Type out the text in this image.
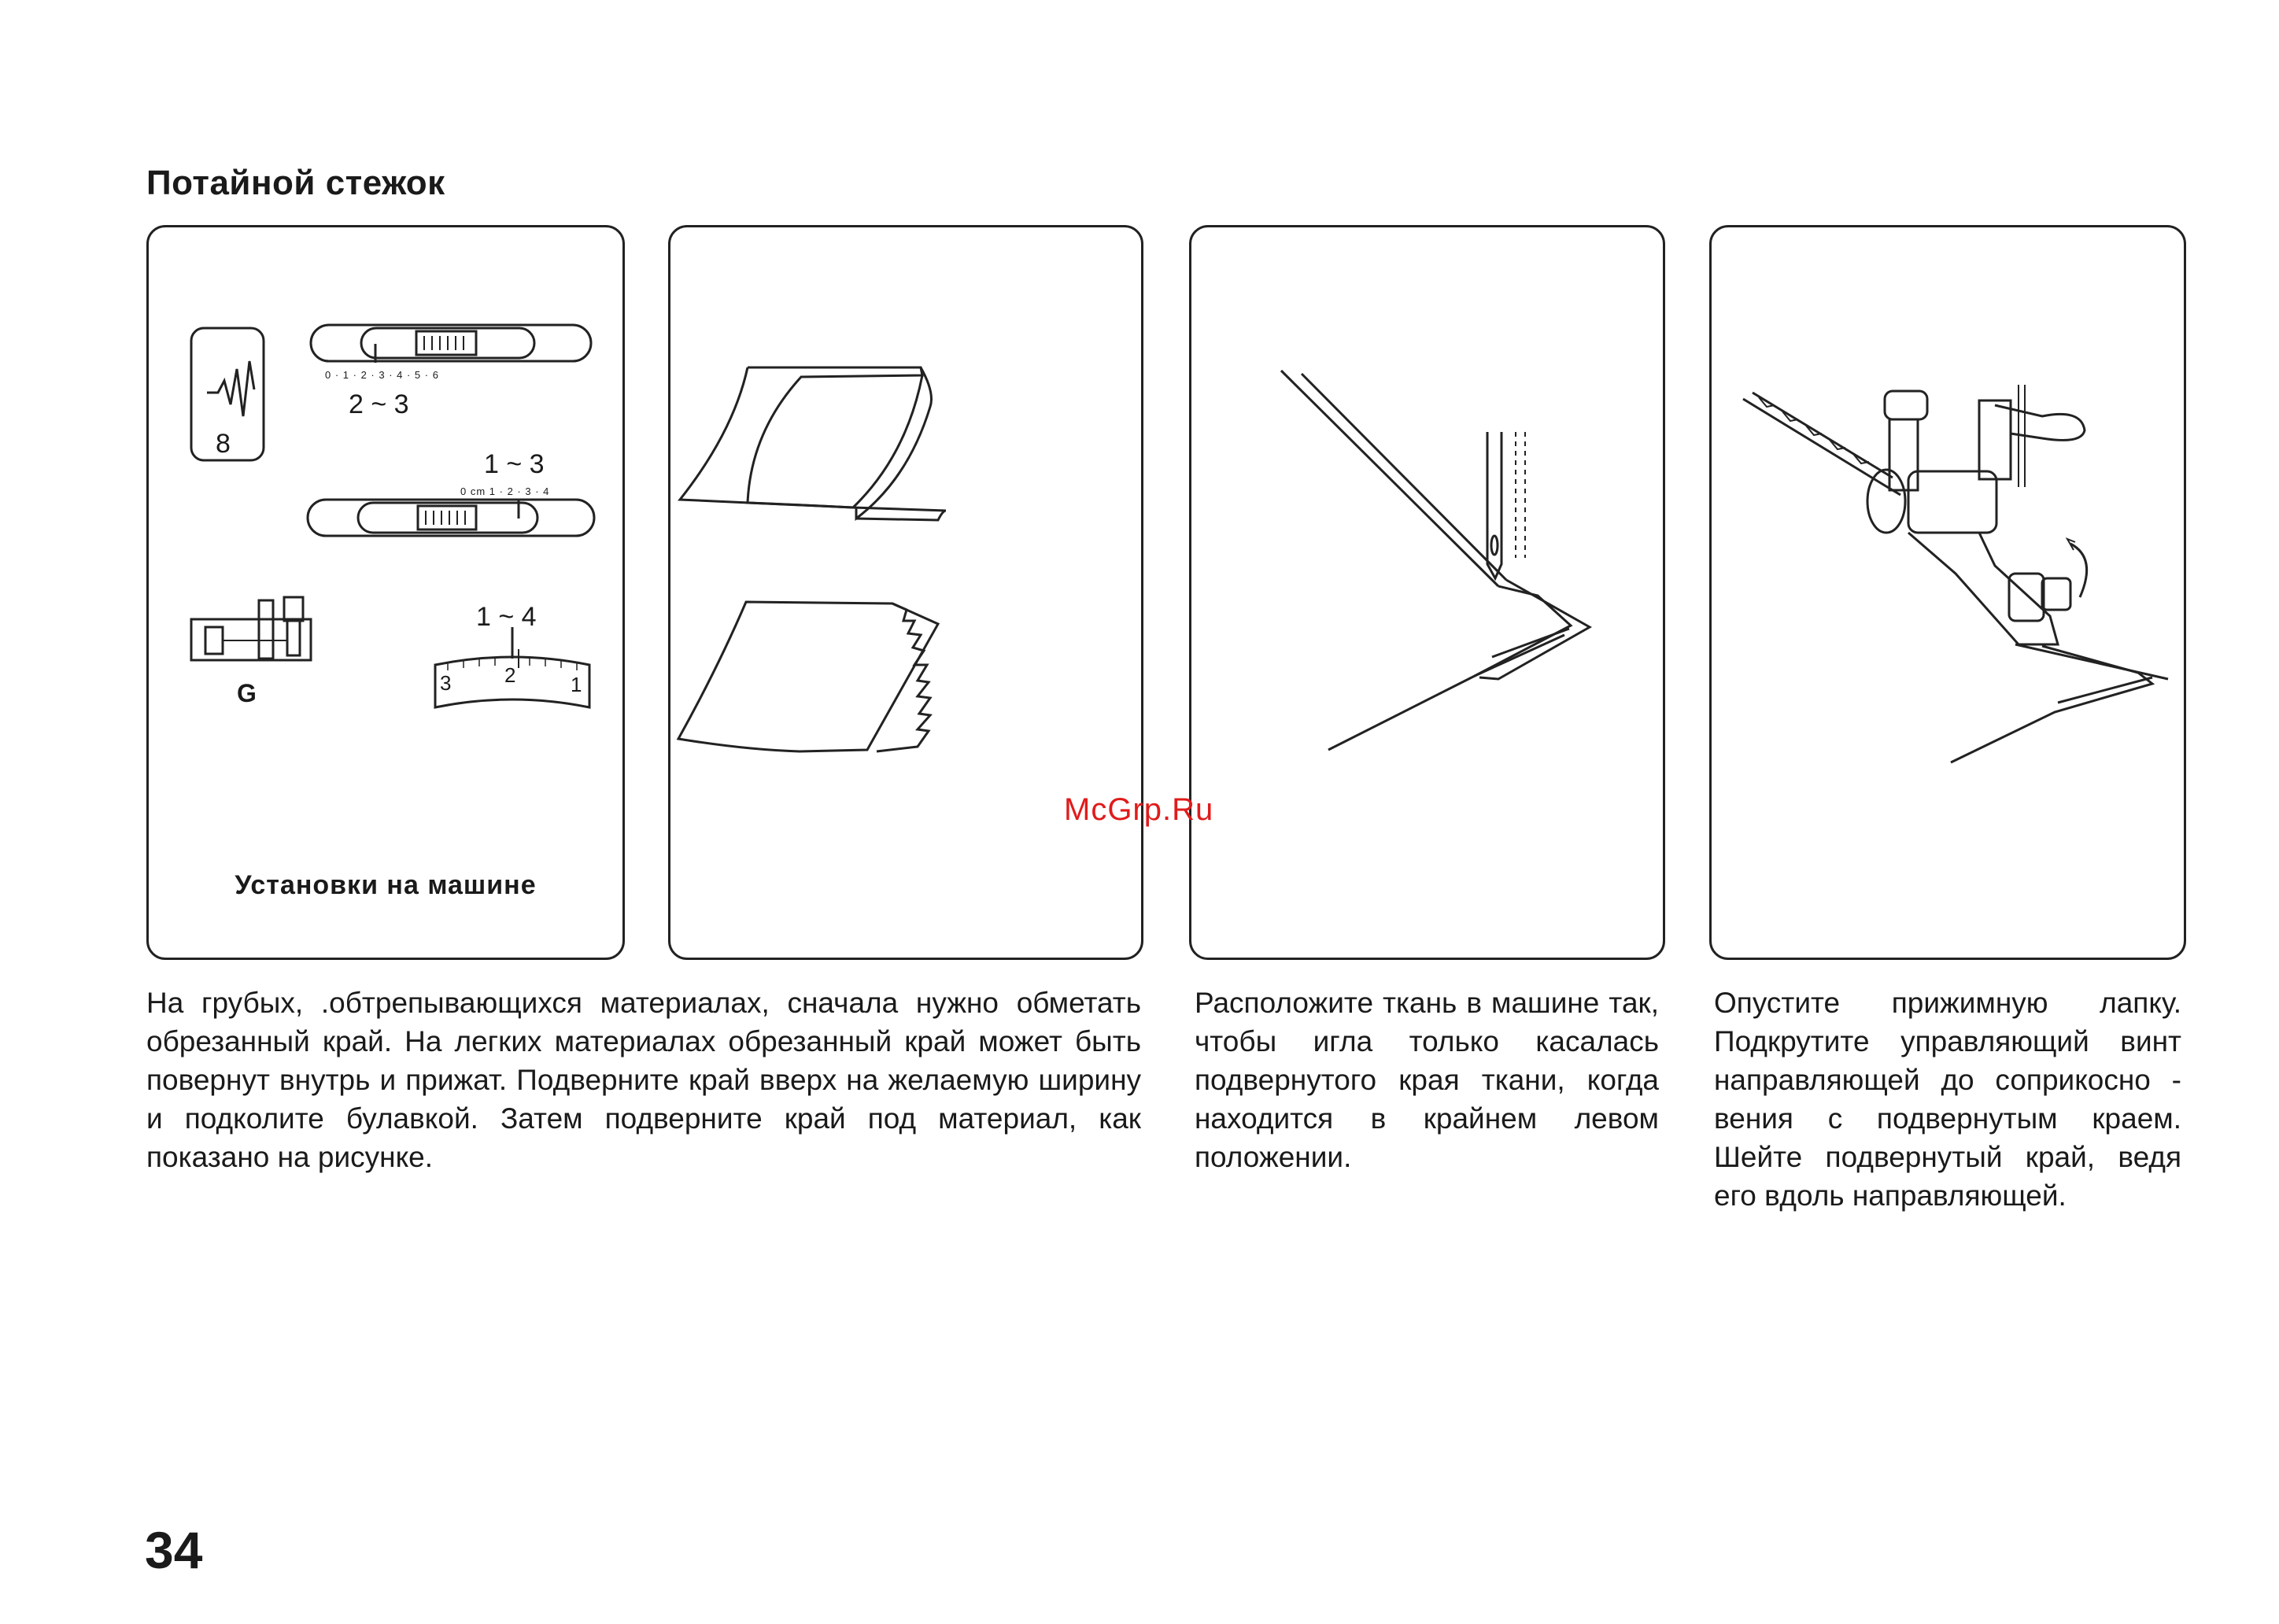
Потайной стежок
8
0 · 1 · 2 · 3 · 4 · 5 · 6
2 ~ 3
1 ~ 3
0 cm 1 · 2 · 3 · 4
1 ~ 4
3	2	1
G
Установки на машине
McGrp.Ru
На грубых, .обтрепывающихся материалах, сначала нужно обметать обрезанный край. На легких материалах обрезанный край может быть повернут внутрь и прижат. Подверните край вверх на желаемую ширину и подколите булавкой. Затем подверните край под материал, как показано на рисунке.
Расположите ткань в машине так, чтобы игла только касалась подвернутого края ткани, когда находится в крайнем левом положении.
Опустите прижимную лапку. Подкрутите управляющий винт направляющей до соприкосно - вения с подвернутым краем. Шейте подвернутый край, ведя его вдоль направляющей.
34
